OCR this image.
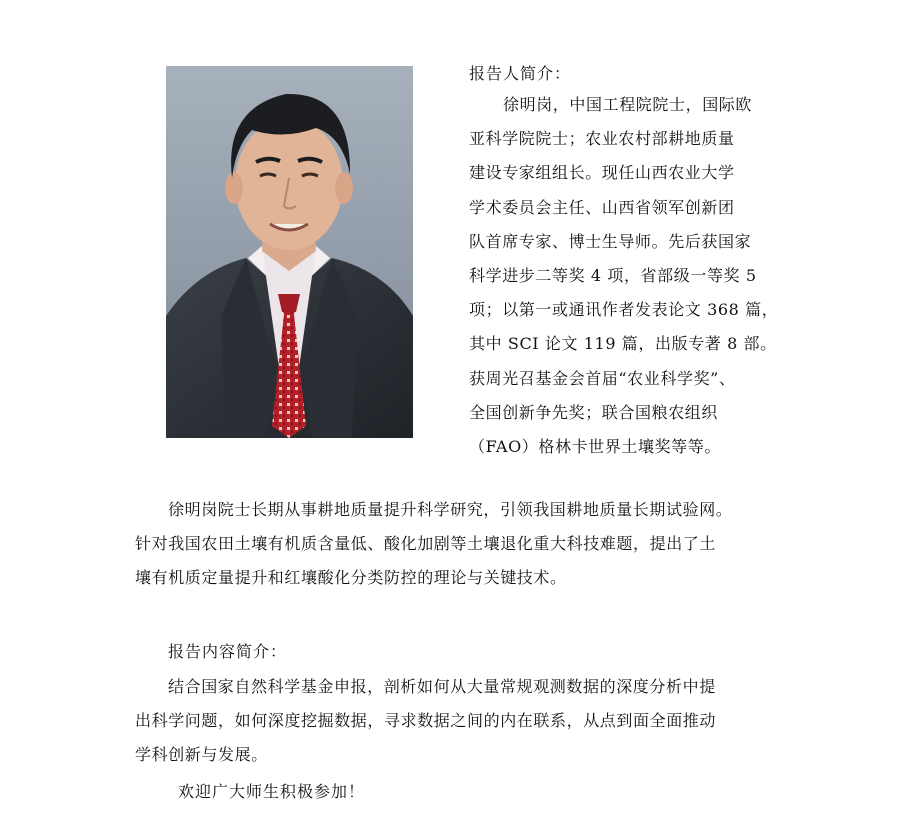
报告人简介：
徐明岗，中国工程院院士，国际欧
亚科学院院士；农业农村部耕地质量
建设专家组组长。现任山西农业大学
学术委员会主任、山西省领军创新团
队首席专家、博士生导师。先后获国家
科学进步二等奖 4 项，省部级一等奖 5
项；以第一或通讯作者发表论文 368 篇，
其中 SCI 论文 119 篇，出版专著 8 部。
获周光召基金会首届“农业科学奖”、
全国创新争先奖；联合国粮农组织
（FAO）格林卡世界土壤奖等等。
徐明岗院士长期从事耕地质量提升科学研究，引领我国耕地质量长期试验网。
针对我国农田土壤有机质含量低、酸化加剧等土壤退化重大科技难题，提出了土
壤有机质定量提升和红壤酸化分类防控的理论与关键技术。
报告内容简介：
结合国家自然科学基金申报，剖析如何从大量常规观测数据的深度分析中提
出科学问题，如何深度挖掘数据，寻求数据之间的内在联系，从点到面全面推动
学科创新与发展。

欢迎广大师生积极参加！
